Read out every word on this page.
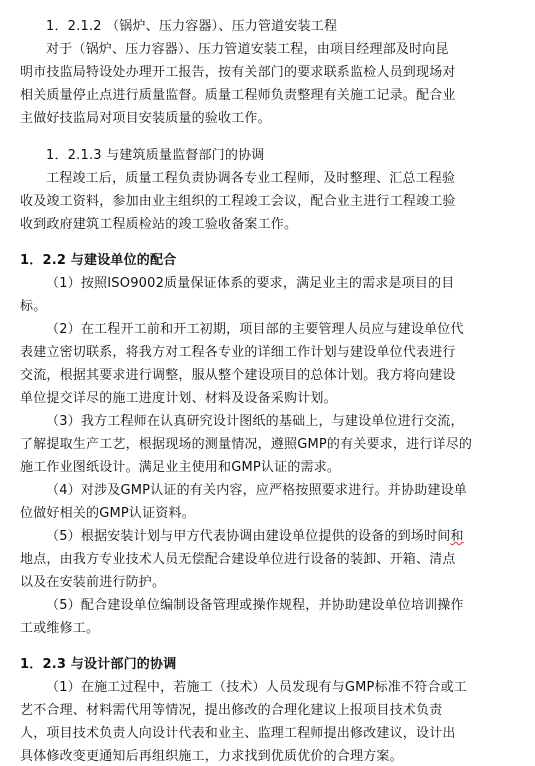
1．2.1.2 （锅炉、压力容器）、压力管道安装工程
对于（锅炉、压力容器）、压力管道安装工程，由项目经理部及时向昆
明市技监局特设处办理开工报告，按有关部门的要求联系监检人员到现场对
相关质量停止点进行质量监督。质量工程师负责整理有关施工记录。配合业
主做好技监局对项目安装质量的验收工作。
1．2.1.3 与建筑质量监督部门的协调
工程竣工后，质量工程负责协调各专业工程师，及时整理、汇总工程验
收及竣工资料，参加由业主组织的工程竣工会议，配合业主进行工程竣工验
收到政府建筑工程质检站的竣工验收备案工作。
1．2.2 与建设单位的配合
（1）按照ISO9002质量保证体系的要求，满足业主的需求是项目的目
标。
（2）在工程开工前和开工初期，项目部的主要管理人员应与建设单位代
表建立密切联系，将我方对工程各专业的详细工作计划与建设单位代表进行
交流，根据其要求进行调整，服从整个建设项目的总体计划。我方将向建设
单位提交详尽的施工进度计划、材料及设备采购计划。
（3）我方工程师在认真研究设计图纸的基础上，与建设单位进行交流，
了解提取生产工艺，根据现场的测量情况，遵照GMP的有关要求，进行详尽的
施工作业图纸设计。满足业主使用和GMP认证的需求。
（4）对涉及GMP认证的有关内容，应严格按照要求进行。并协助建设单
位做好相关的GMP认证资料。
（5）根据安装计划与甲方代表协调由建设单位提供的设备的到场时间和
地点，由我方专业技术人员无偿配合建设单位进行设备的装卸、开箱、清点
以及在安装前进行防护。
（5）配合建设单位编制设备管理或操作规程，并协助建设单位培训操作
工或维修工。
1．2.3 与设计部门的协调
（1）在施工过程中，若施工（技术）人员发现有与GMP标准不符合或工
艺不合理、材料需代用等情况，提出修改的合理化建议上报项目技术负责
人，项目技术负责人向设计代表和业主、监理工程师提出修改建议，设计出
具体修改变更通知后再组织施工，力求找到优质优价的合理方案。
